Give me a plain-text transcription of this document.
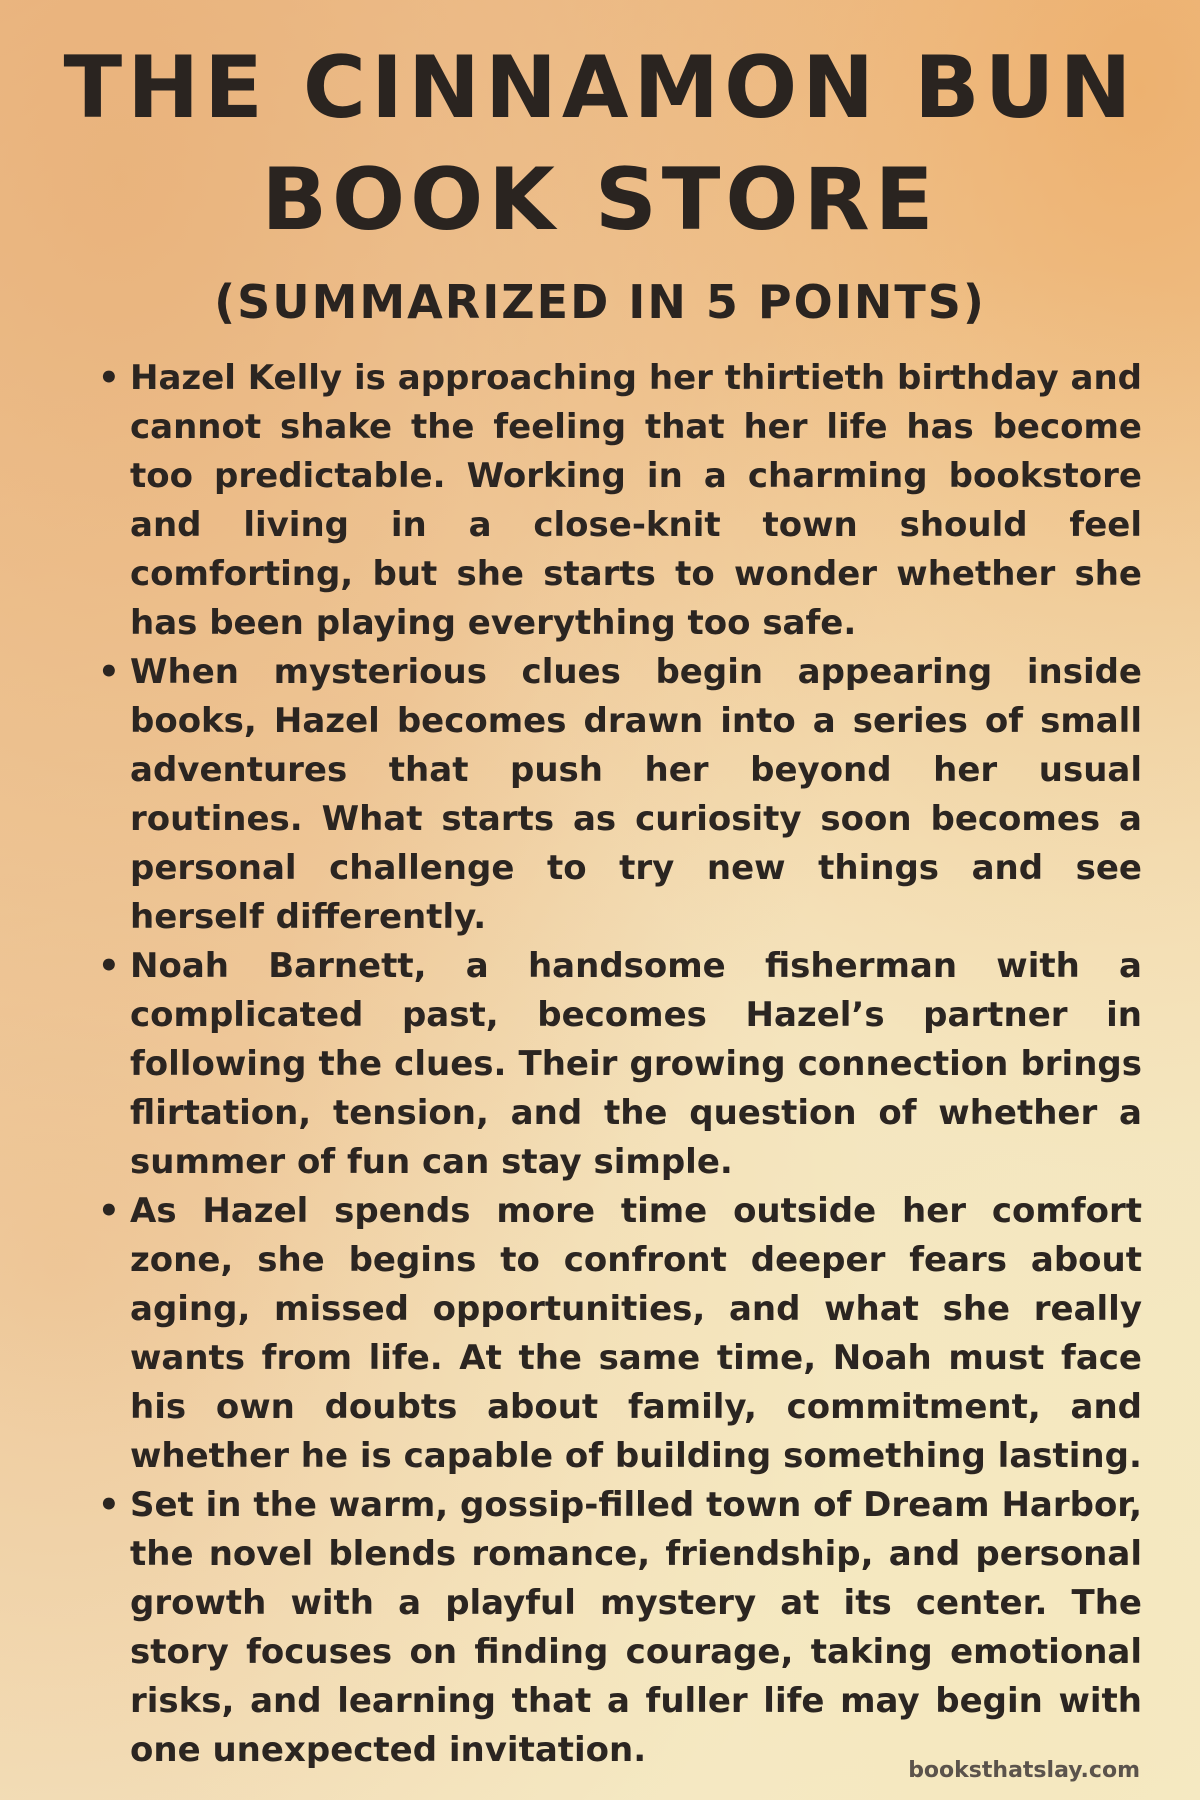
THE CINNAMON BUN
BOOK STORE
(SUMMARIZED IN 5 POINTS)
• Hazel Kelly is approaching her thirtieth birthday and cannot shake the feeling that her life has become too predictable. Working in a charming bookstore and living in a close-knit town should feel comforting, but she starts to wonder whether she has been playing everything too safe.
• When mysterious clues begin appearing inside books, Hazel becomes drawn into a series of small adventures that push her beyond her usual routines. What starts as curiosity soon becomes a personal challenge to try new things and see herself differently.
• Noah Barnett, a handsome fisherman with a complicated past, becomes Hazel’s partner in following the clues. Their growing connection brings flirtation, tension, and the question of whether a summer of fun can stay simple.
• As Hazel spends more time outside her comfort zone, she begins to confront deeper fears about aging, missed opportunities, and what she really wants from life. At the same time, Noah must face his own doubts about family, commitment, and whether he is capable of building something lasting.
• Set in the warm, gossip-filled town of Dream Harbor, the novel blends romance, friendship, and personal growth with a playful mystery at its center. The story focuses on finding courage, taking emotional risks, and learning that a fuller life may begin with one unexpected invitation.
booksthatslay.com
